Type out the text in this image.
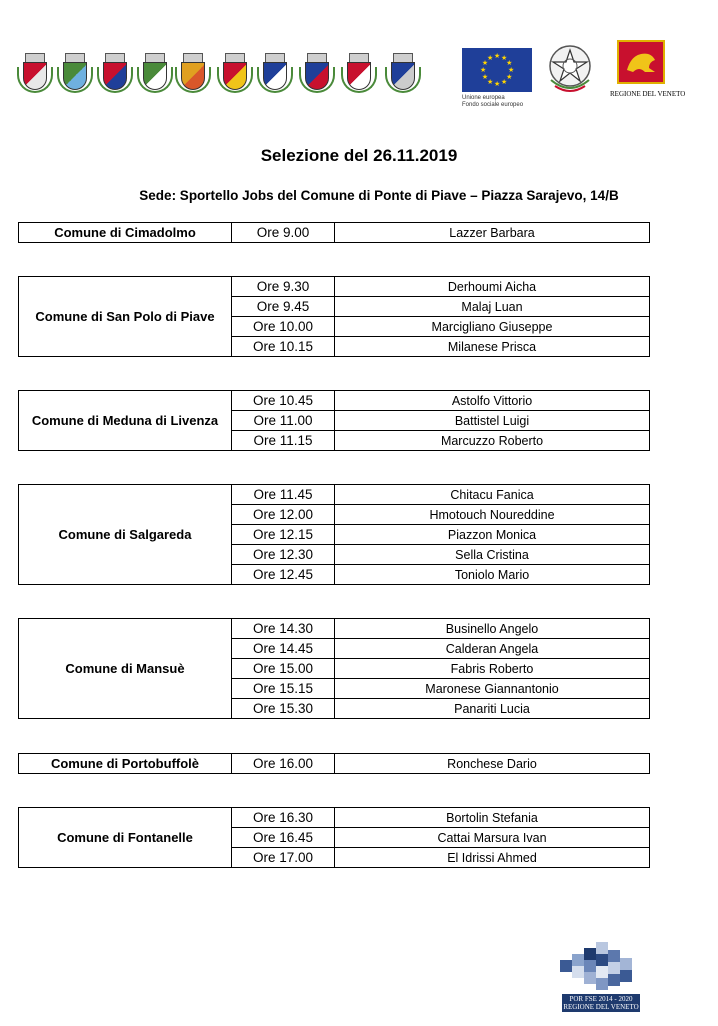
★
★
★
★
★
★
★
★
★ ★ ★
★
Unione europea
Fondo sociale europeo
REGIONE DEL VENETO
Selezione del 26.11.2019
Sede: Sportello Jobs del Comune di Ponte di Piave – Piazza Sarajevo, 14/B
Comune di Cimadolmo	Ore 9.00	Lazzer Barbara
Comune di San Polo di Piave	Ore 9.30	Derhoumi Aicha
	Ore 9.45	Malaj Luan
	Ore 10.00	Marcigliano Giuseppe
	Ore 10.15	Milanese Prisca
Comune di Meduna di Livenza	Ore 10.45	Astolfo Vittorio
	Ore 11.00	Battistel Luigi
	Ore 11.15	Marcuzzo Roberto
Comune di Salgareda	Ore 11.45	Chitacu Fanica
	Ore 12.00	Hmotouch Noureddine
	Ore 12.15	Piazzon Monica
	Ore 12.30	Sella Cristina
	Ore 12.45	Toniolo Mario
Comune di Mansuè	Ore 14.30	Businello Angelo
	Ore 14.45	Calderan Angela
	Ore 15.00	Fabris Roberto
	Ore 15.15	Maronese Giannantonio
	Ore 15.30	Panariti Lucia
Comune di Portobuffolè	Ore 16.00	Ronchese Dario
Comune di Fontanelle	Ore 16.30	Bortolin Stefania
	Ore 16.45	Cattai Marsura Ivan
	Ore 17.00	El Idrissi Ahmed
POR FSE 2014 - 2020
REGIONE DEL VENETO
